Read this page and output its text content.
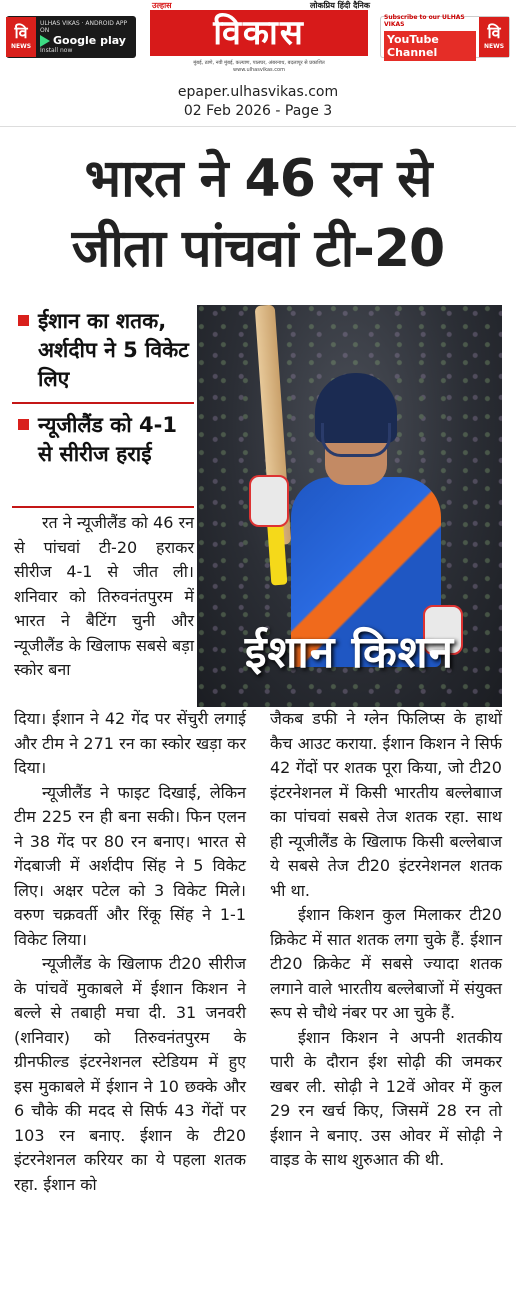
वि
NEWS
ULHAS VIKAS · ANDROID APP ON
Google play
Install now
उल्हास	लोकप्रिय हिंदी दैनिक
विकास
मुंबई, ठाणे, नवी मुंबई, कल्याण, पालघर, अंबरनाथ, बदलापूर से प्रकाशित
www.ulhasvikas.com
Subscribe to our ULHAS VIKAS
YouTube Channel
वि
NEWS
epaper.ulhasvikas.com
02 Feb 2026 - Page 3
भारत ने 46 रन से
जीता पांचवां टी-20
ईशान का शतक, अर्शदीप ने 5 विकेट लिए
न्यूजीलैंड को 4-1 से सीरीज हराई
ईशान किशन

रत ने न्यूजीलैंड को 46 रन से पांचवां टी-20 हराकर सीरीज 4-1 से जीत ली। शनिवार को तिरुवनंतपुरम में भारत ने बैटिंग चुनी और न्यूजीलैंड के खिलाफ सबसे बड़ा स्कोर बना

दिया। ईशान ने 42 गेंद पर सेंचुरी लगाई और टीम ने 271 रन का स्कोर खड़ा कर दिया।

न्यूजीलैंड ने फाइट दिखाई, लेकिन टीम 225 रन ही बना सकी। फिन एलन ने 38 गेंद पर 80 रन बनाए। भारत से गेंदबाजी में अर्शदीप सिंह ने 5 विकेट लिए। अक्षर पटेल को 3 विकेट मिले। वरुण चक्रवर्ती और रिंकू सिंह ने 1-1 विकेट लिया।

न्यूजीलैंड के खिलाफ टी20 सीरीज के पांचवें मुकाबले में ईशान किशन ने बल्ले से तबाही मचा दी. 31 जनवरी (शनिवार) को तिरुवनंतपुरम के ग्रीनफील्ड इंटरनेशनल स्टेडियम में हुए इस मुकाबले में ईशान ने 10 छक्के और 6 चौके की मदद से सिर्फ 43 गेंदों पर 103 रन बनाए. ईशान के टी20 इंटरनेशनल करियर का ये पहला शतक रहा. ईशान को

जैकब डफी ने ग्लेन फिलिप्स के हाथों कैच आउट कराया. ईशान किशन ने सिर्फ 42 गेंदों पर शतक पूरा किया, जो टी20 इंटरनेशनल में किसी भारतीय बल्लेबााज का पांचवां सबसे तेज शतक रहा. साथ ही न्यूजीलैंड के खिलाफ किसी बल्लेबाज ये सबसे तेज टी20 इंटरनेशनल शतक भी था.

ईशान किशन कुल मिलाकर टी20 क्रिकेट में सात शतक लगा चुके हैं. ईशान टी20 क्रिकेट में सबसे ज्यादा शतक लगाने वाले भारतीय बल्लेबाजों में संयुक्त रूप से चौथे नंबर पर आ चुके हैं.

ईशान किशन ने अपनी शतकीय पारी के दौरान ईश सोढ़ी की जमकर खबर ली. सोढ़ी ने 12वें ओवर में कुल 29 रन खर्च किए, जिसमें 28 रन तो ईशान ने बनाए. उस ओवर में सोढ़ी ने वाइड के साथ शुरुआत की थी.
